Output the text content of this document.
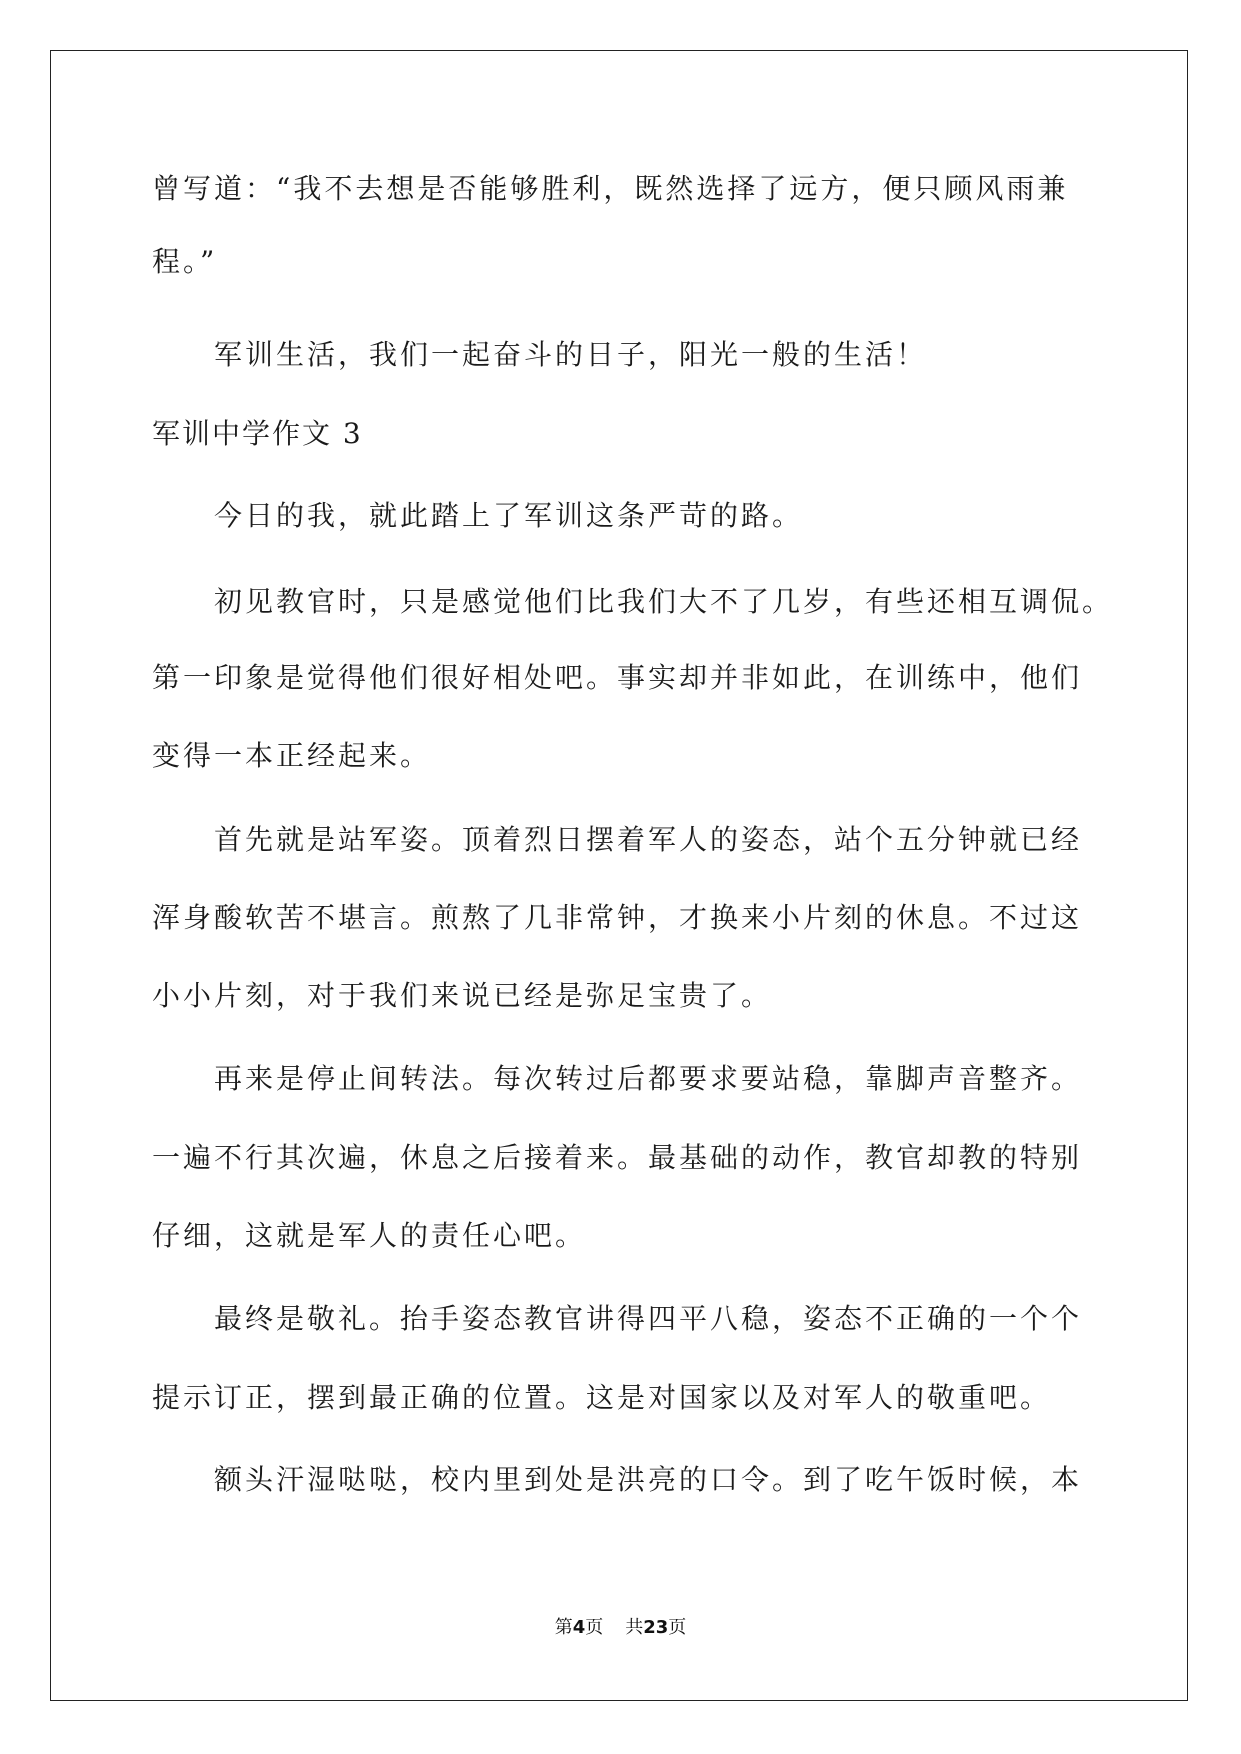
曾写道：“我不去想是否能够胜利，既然选择了远方，便只顾风雨兼
程。”
军训生活，我们一起奋斗的日子，阳光一般的生活！
军训中学作文 3
今日的我，就此踏上了军训这条严苛的路。
初见教官时，只是感觉他们比我们大不了几岁，有些还相互调侃。
第一印象是觉得他们很好相处吧。事实却并非如此，在训练中，他们
变得一本正经起来。
首先就是站军姿。顶着烈日摆着军人的姿态，站个五分钟就已经
浑身酸软苦不堪言。煎熬了几非常钟，才换来小片刻的休息。不过这
小小片刻，对于我们来说已经是弥足宝贵了。
再来是停止间转法。每次转过后都要求要站稳，靠脚声音整齐。
一遍不行其次遍，休息之后接着来。最基础的动作，教官却教的特别
仔细，这就是军人的责任心吧。
最终是敬礼。抬手姿态教官讲得四平八稳，姿态不正确的一个个
提示订正，摆到最正确的位置。这是对国家以及对军人的敬重吧。
额头汗湿哒哒，校内里到处是洪亮的口令。到了吃午饭时候，本
第4页 共23页
